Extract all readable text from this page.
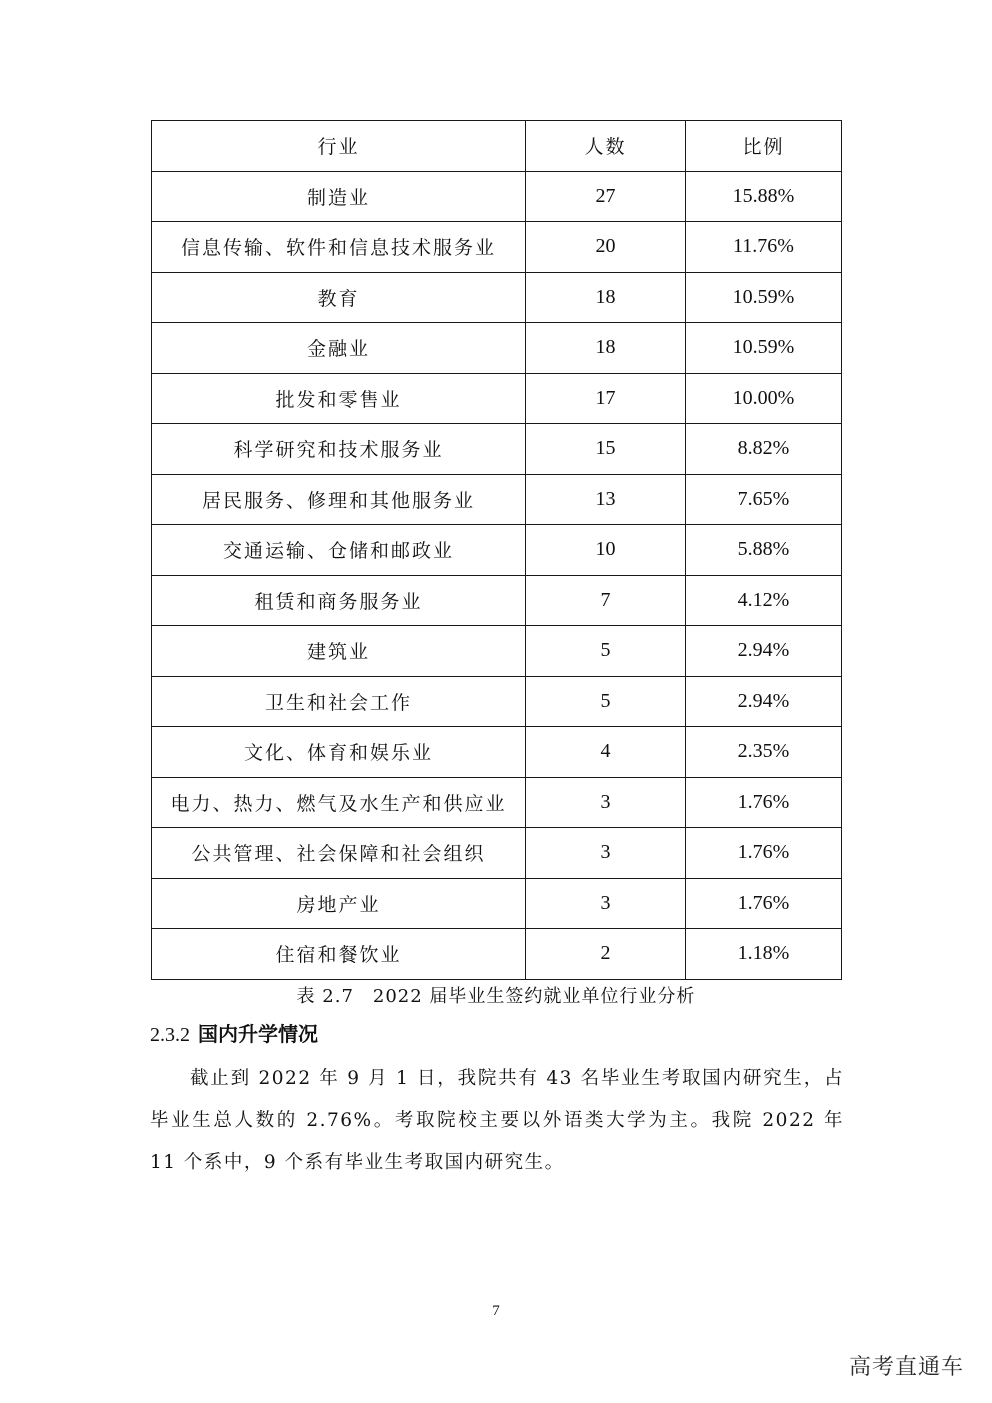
行业	人数	比例
制造业	27	15.88%
信息传输、软件和信息技术服务业	20	11.76%
教育	18	10.59%
金融业	18	10.59%
批发和零售业	17	10.00%
科学研究和技术服务业	15	8.82%
居民服务、修理和其他服务业	13	7.65%
交通运输、仓储和邮政业	10	5.88%
租赁和商务服务业	7	4.12%
建筑业	5	2.94%
卫生和社会工作	5	2.94%
文化、体育和娱乐业	4	2.35%
电力、热力、燃气及水生产和供应业	3	1.76%
公共管理、社会保障和社会组织	3	1.76%
房地产业	3	1.76%
住宿和餐饮业	2	1.18%
表 2.7　2022 届毕业生签约就业单位行业分析
2.3.2 国内升学情况

截止到 2022 年 9 月 1 日，我院共有 43 名毕业生考取国内研究生，占毕业生总人数的 2.76%。考取院校主要以外语类大学为主。我院 2022 年 11 个系中，9 个系有毕业生考取国内研究生。

7
高考直通车
